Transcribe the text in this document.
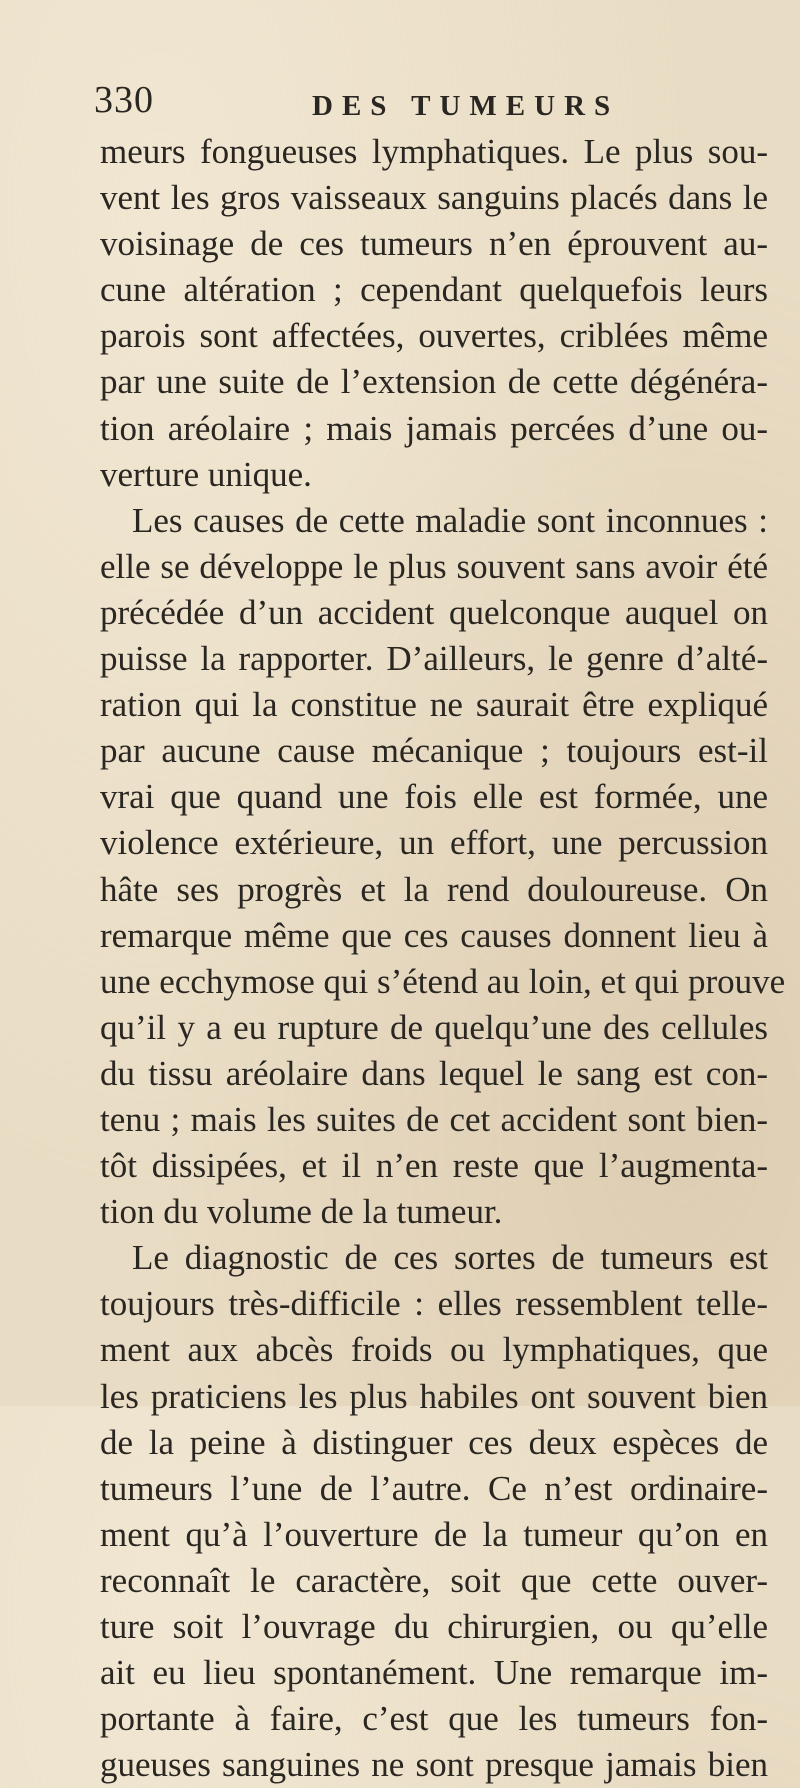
330	DES TUMEURS
meurs fongueuses lymphatiques. Le plus sou-
vent les gros vaisseaux sanguins placés dans le
voisinage de ces tumeurs n’en éprouvent au-
cune altération ; cependant quelquefois leurs
parois sont affectées, ouvertes, criblées même
par une suite de l’extension de cette dégénéra-
tion aréolaire ; mais jamais percées d’une ou-
verture unique.
Les causes de cette maladie sont inconnues :
elle se développe le plus souvent sans avoir été
précédée d’un accident quelconque auquel on
puisse la rapporter. D’ailleurs, le genre d’alté-
ration qui la constitue ne saurait être expliqué
par aucune cause mécanique ; toujours est-il
vrai que quand une fois elle est formée, une
violence extérieure, un effort, une percussion
hâte ses progrès et la rend douloureuse. On
remarque même que ces causes donnent lieu à
une ecchymose qui s’étend au loin, et qui prouve
qu’il y a eu rupture de quelqu’une des cellules
du tissu aréolaire dans lequel le sang est con-
tenu ; mais les suites de cet accident sont bien-
tôt dissipées, et il n’en reste que l’augmenta-
tion du volume de la tumeur.
Le diagnostic de ces sortes de tumeurs est
toujours très-difficile : elles ressemblent telle-
ment aux abcès froids ou lymphatiques, que
les praticiens les plus habiles ont souvent bien
de la peine à distinguer ces deux espèces de
tumeurs l’une de l’autre. Ce n’est ordinaire-
ment qu’à l’ouverture de la tumeur qu’on en
reconnaît le caractère, soit que cette ouver-
ture soit l’ouvrage du chirurgien, ou qu’elle
ait eu lieu spontanément. Une remarque im-
portante à faire, c’est que les tumeurs fon-
gueuses sanguines ne sont presque jamais bien
